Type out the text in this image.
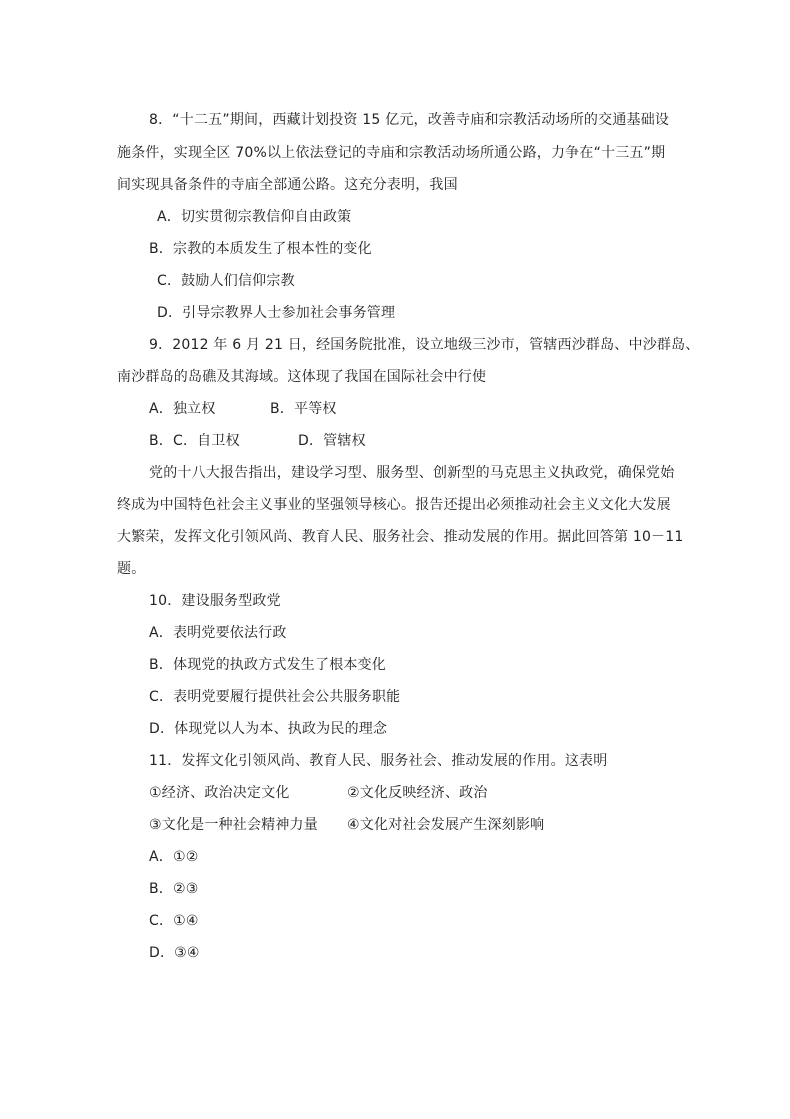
8．“十二五”期间，西藏计划投资 15 亿元，改善寺庙和宗教活动场所的交通基础设
施条件，实现全区 70%以上依法登记的寺庙和宗教活动场所通公路，力争在“十三五”期
间实现具备条件的寺庙全部通公路。这充分表明，我国
A．切实贯彻宗教信仰自由政策
B．宗教的本质发生了根本性的变化
C．鼓励人们信仰宗教
D．引导宗教界人士参加社会事务管理
9．2012 年 6 月 21 日，经国务院批准，设立地级三沙市，管辖西沙群岛、中沙群岛、
南沙群岛的岛礁及其海域。这体现了我国在国际社会中行使
A．独立权	B．平等权
B．C．自卫权	D．管辖权
党的十八大报告指出，建设学习型、服务型、创新型的马克思主义执政党，确保党始
终成为中国特色社会主义事业的坚强领导核心。报告还提出必须推动社会主义文化大发展
大繁荣，发挥文化引领风尚、教育人民、服务社会、推动发展的作用。据此回答第 10－11
题。
10．建设服务型政党
A．表明党要依法行政
B．体现党的执政方式发生了根本变化
C．表明党要履行提供社会公共服务职能
D．体现党以人为本、执政为民的理念
11．发挥文化引领风尚、教育人民、服务社会、推动发展的作用。这表明
①经济、政治决定文化	②文化反映经济、政治
③文化是一种社会精神力量 ④文化对社会发展产生深刻影响
A．①②
B．②③
C．①④
D．③④
